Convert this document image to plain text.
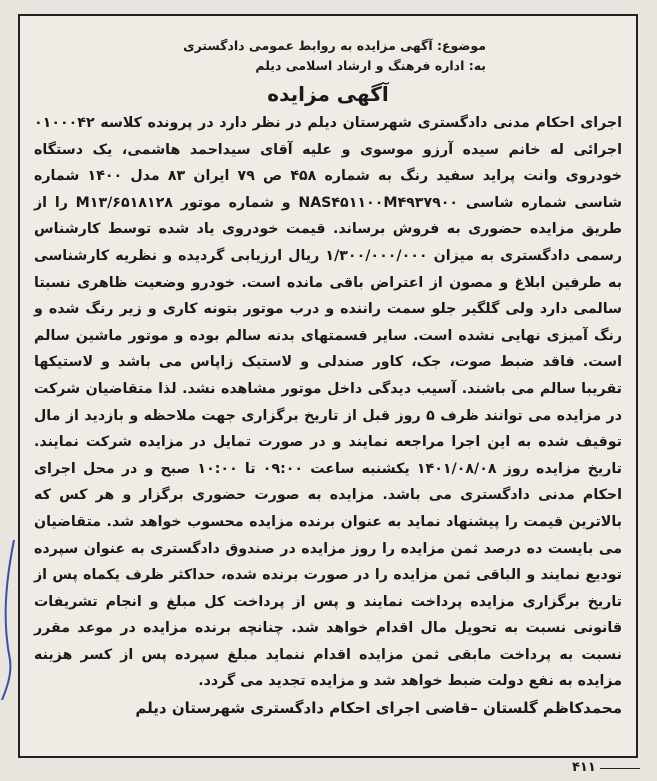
موضوع: آگهی مزایده به روابط عمومی دادگستری
به: اداره فرهنگ و ارشاد اسلامی دیلم
آگهی مزایده

اجرای احکام مدنی دادگستری شهرستان دیلم در نظر دارد در پرونده کلاسه ۰۱۰۰۰۴۲ اجرائی له خانم سیده آرزو موسوی و علیه آقای سیداحمد هاشمی، یک دستگاه خودروی وانت پراید سفید رنگ به شماره ۴۵۸ ص ۷۹ ایران ۸۳ مدل ۱۴۰۰ شماره شاسی شماره شاسی NAS۴۵۱۱۰۰M۴۹۳۷۹۰۰ و شماره موتور M۱۳/۶۵۱۸۱۲۸ را از طریق مزایده حضوری به فروش برساند. قیمت خودروی یاد شده توسط کارشناس رسمی دادگستری به میزان ۱/۳۰۰/۰۰۰/۰۰۰ ریال ارزیابی گردیده و نظریه کارشناسی به طرفین ابلاغ و مصون از اعتراض باقی مانده است. خودرو وضعیت ظاهری نسبتا سالمی دارد ولی گلگیر جلو سمت راننده و درب موتور بتونه کاری و زیر رنگ شده و رنگ آمیزی نهایی نشده است. سایر قسمتهای بدنه سالم بوده و موتور ماشین سالم است. فاقد ضبط صوت، جک، کاور صندلی و لاستیک زاپاس می باشد و لاستیکها تقریبا سالم می باشند. آسیب دیدگی داخل موتور مشاهده نشد. لذا متقاضیان شرکت در مزایده می توانند ظرف ۵ روز قبل از تاریخ برگزاری جهت ملاحظه و بازدید از مال توقیف شده به این اجرا مراجعه نمایند و در صورت تمایل در مزایده شرکت نمایند. تاریخ مزایده روز ۱۴۰۱/۰۸/۰۸ یکشنبه ساعت ۰۹:۰۰ تا ۱۰:۰۰ صبح و در محل اجرای احکام مدنی دادگستری می باشد. مزایده به صورت حضوری برگزار و هر کس که بالاترین قیمت را پیشنهاد نماید به عنوان برنده مزایده محسوب خواهد شد. متقاضیان می بایست ده درصد ثمن مزایده را روز مزایده در صندوق دادگستری به عنوان سپرده تودیع نمایند و الباقی ثمن مزایده را در صورت برنده شده، حداکثر ظرف یکماه پس از تاریخ برگزاری مزایده پرداخت نمایند و پس از پرداخت کل مبلغ و انجام تشریفات قانونی نسبت به تحویل مال اقدام خواهد شد. چنانچه برنده مزایده در موعد مقرر نسبت به پرداخت مابقی ثمن مزایده اقدام ننماید مبلغ سپرده پس از کسر هزینه مزایده به نفع دولت ضبط خواهد شد و مزایده تجدید می گردد.

محمدکاظم گلستان –قاضی اجرای احکام دادگستری شهرستان دیلم
۴۱۱
